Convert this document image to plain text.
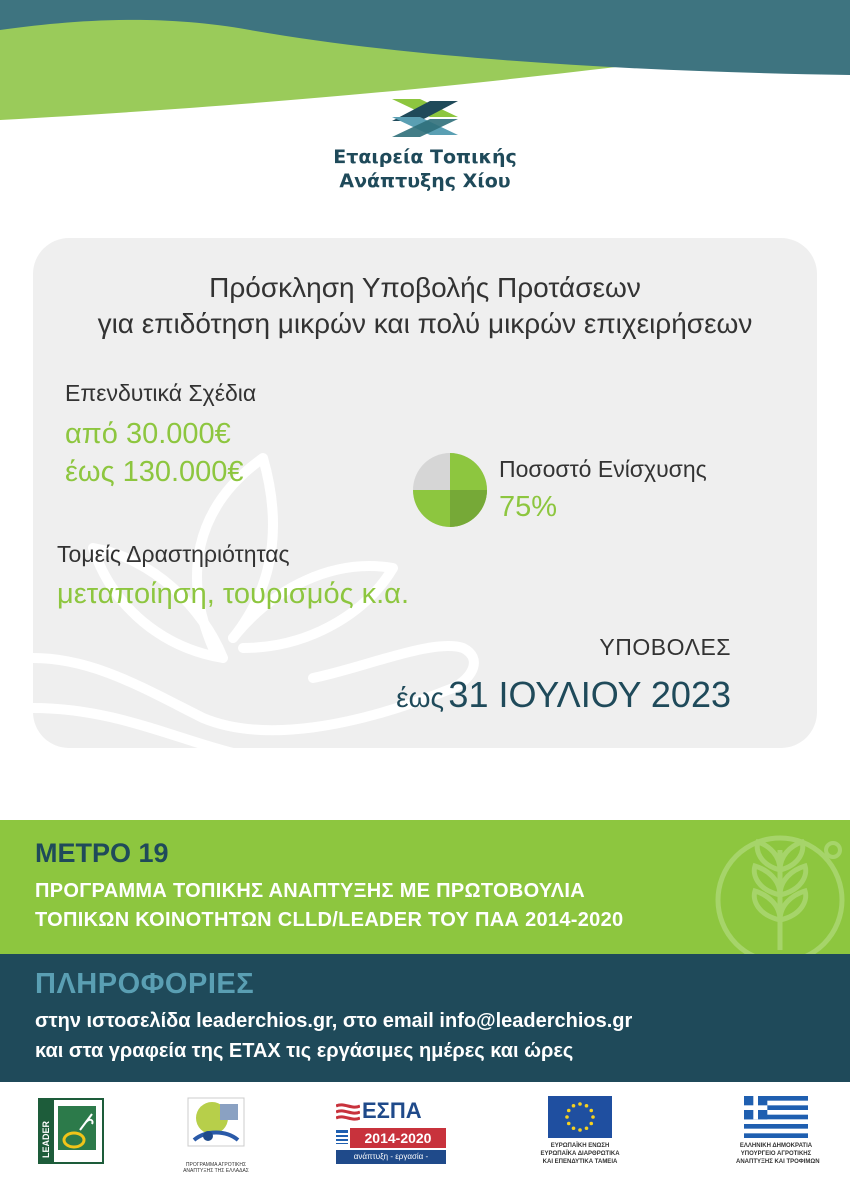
Εταιρεία Τοπικής
Ανάπτυξης Χίου
Πρόσκληση Υποβολής Προτάσεων
για επιδότηση μικρών και πολύ μικρών επιχειρήσεων
Επενδυτικά Σχέδια
από 30.000€
έως 130.000€	Ποσοστό Ενίσχυσης
75%
Τομείς Δραστηριότητας
μεταποίηση, τουρισμός κ.α.
ΥΠΟΒΟΛΕΣ
έως 31 ΙΟΥΛΙΟΥ 2023
ΜΕΤΡΟ 19
ΠΡΟΓΡΑΜΜΑ ΤΟΠΙΚΗΣ ΑΝΑΠΤΥΞΗΣ ΜΕ ΠΡΩΤΟΒΟΥΛΙΑ
ΤΟΠΙΚΩΝ ΚΟΙΝΟΤΗΤΩΝ CLLD/LEADER ΤΟΥ ΠΑΑ 2014-2020
ΠΛΗΡΟΦΟΡΙΕΣ
στην ιστοσελίδα leaderchios.gr, στο email info@leaderchios.gr
και στα γραφεία της ΕΤΑΧ τις εργάσιμες ημέρες και ώρες
LEADER
ΠΡΟΓΡΑΜΜΑ ΑΓΡΟΤΙΚΗΣ ΑΝΑΠΤΥΞΗΣ ΤΗΣ ΕΛΛΑΔΑΣ
ΕΣΠΑ
2014-2020
ανάπτυξη - εργασία - αλληλεγγύη
ΕΥΡΩΠΑΪΚΗ ΕΝΩΣΗ
ΕΥΡΩΠΑΪΚΑ ΔΙΑΡΘΡΩΤΙΚΑ
ΚΑΙ ΕΠΕΝΔΥΤΙΚΑ ΤΑΜΕΙΑ
ΕΛΛΗΝΙΚΗ ΔΗΜΟΚΡΑΤΙΑ
ΥΠΟΥΡΓΕΙΟ ΑΓΡΟΤΙΚΗΣ
ΑΝΑΠΤΥΞΗΣ ΚΑΙ ΤΡΟΦΙΜΩΝ
